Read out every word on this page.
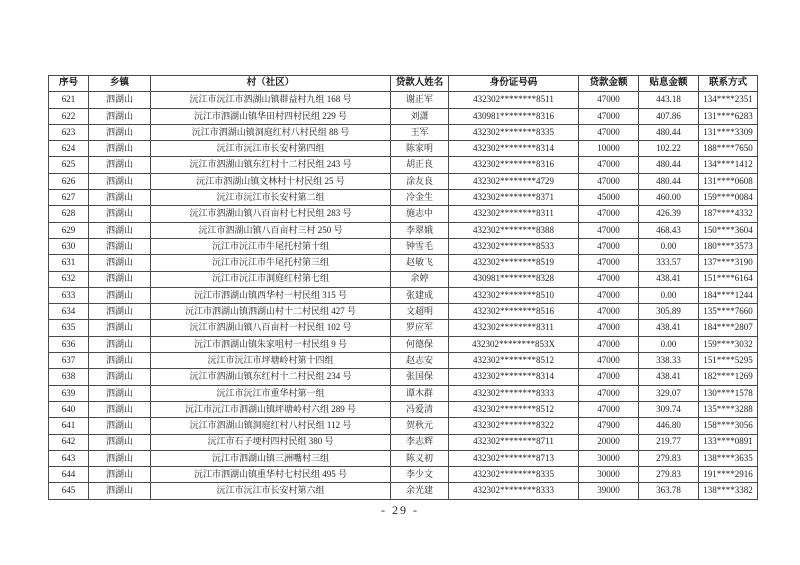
序号	乡镇	村（社区）	贷款人姓名	身份证号码	贷款金额	贴息金额	联系方式
621	泗湖山	沅江市沅江市泗湖山镇群益村九组 168 号	谢正军	432302********8511	47000	443.18	134****2351
622	泗湖山	沅江市泗湖山镇华田村四村民组 229 号	刘潇	430981********8316	47000	407.86	131****6283
623	泗湖山	沅江市泗湖山镇洞庭红村八村民组 88 号	王军	432302********8335	47000	480.44	131****3309
624	泗湖山	沅江市沅江市长安村第四组	陈家明	432302********8314	10000	102.22	188****7650
625	泗湖山	沅江市泗湖山镇东红村十二村民组 243 号	胡正良	432302********8316	47000	480.44	134****1412
626	泗湖山	沅江市泗湖山镇文林村十村民组 25 号	涂友良	432302********4729	47000	480.44	131****0608
627	泗湖山	沅江市沅江市长安村第二组	冷金生	432302********8371	45000	460.00	159****0084
628	泗湖山	沅江市泗湖山镇八百亩村七村民组 283 号	施志中	432302********8311	47000	426.39	187****4332
629	泗湖山	沅江市泗湖山镇八百亩村三村 250 号	李翠娥	432302********8388	47000	468.43	150****3604
630	泗湖山	沅江市沅江市牛尾托村第十组	钟雪毛	432302********8533	47000	0.00	180****3573
631	泗湖山	沅江市沅江市牛尾托村第三组	赵敏飞	432302********8519	47000	333.57	137****3190
632	泗湖山	沅江市沅江市洞庭红村第七组	余婷	430981********8328	47000	438.41	151****6164
633	泗湖山	沅江市泗湖山镇西华村一村民组 315 号	张建成	432302********8510	47000	0.00	184****1244
634	泗湖山	沅江市泗湖山镇泗湖山村十二村民组 427 号	文超明	432302********8516	47000	305.89	135****7660
635	泗湖山	沅江市泗湖山镇八百亩村一村民组 102 号	罗应军	432302********8311	47000	438.41	184****2807
636	泗湖山	沅江市泗湖山镇朱家咀村一村民组 9 号	何德保	432302********853X	47000	0.00	159****3032
637	泗湖山	沅江市沅江市坪塘岭村第十四组	赵志安	432302********8512	47000	338.33	151****5295
638	泗湖山	沅江市泗湖山镇东红村十二村民组 234 号	张国保	432302********8314	47000	438.41	182****1269
639	泗湖山	沅江市沅江市重华村第一组	谭木群	432302********8333	47000	329.07	130****1578
640	泗湖山	沅江市沅江市泗湖山镇坪塘岭村六组 289 号	冯爱清	432302********8512	47000	309.74	135****3288
641	泗湖山	沅江市泗湖山镇洞庭红村八村民组 112 号	贺秋元	432302********8322	47900	446.80	158****3056
642	泗湖山	沅江市石子埂村四村民组 380 号	李志辉	432302********8711	20000	219.77	133****0891
643	泗湖山	沅江市泗湖山镇三洲嘴村三组	陈义初	432302********8713	30000	279.83	138****3635
644	泗湖山	沅江市泗湖山镇重华村七村民组 495 号	李少文	432302********8335	30000	279.83	191****2916
645	泗湖山	沅江市沅江市长安村第六组	余光建	432302********8333	39000	363.78	138****3382
- 29 -
